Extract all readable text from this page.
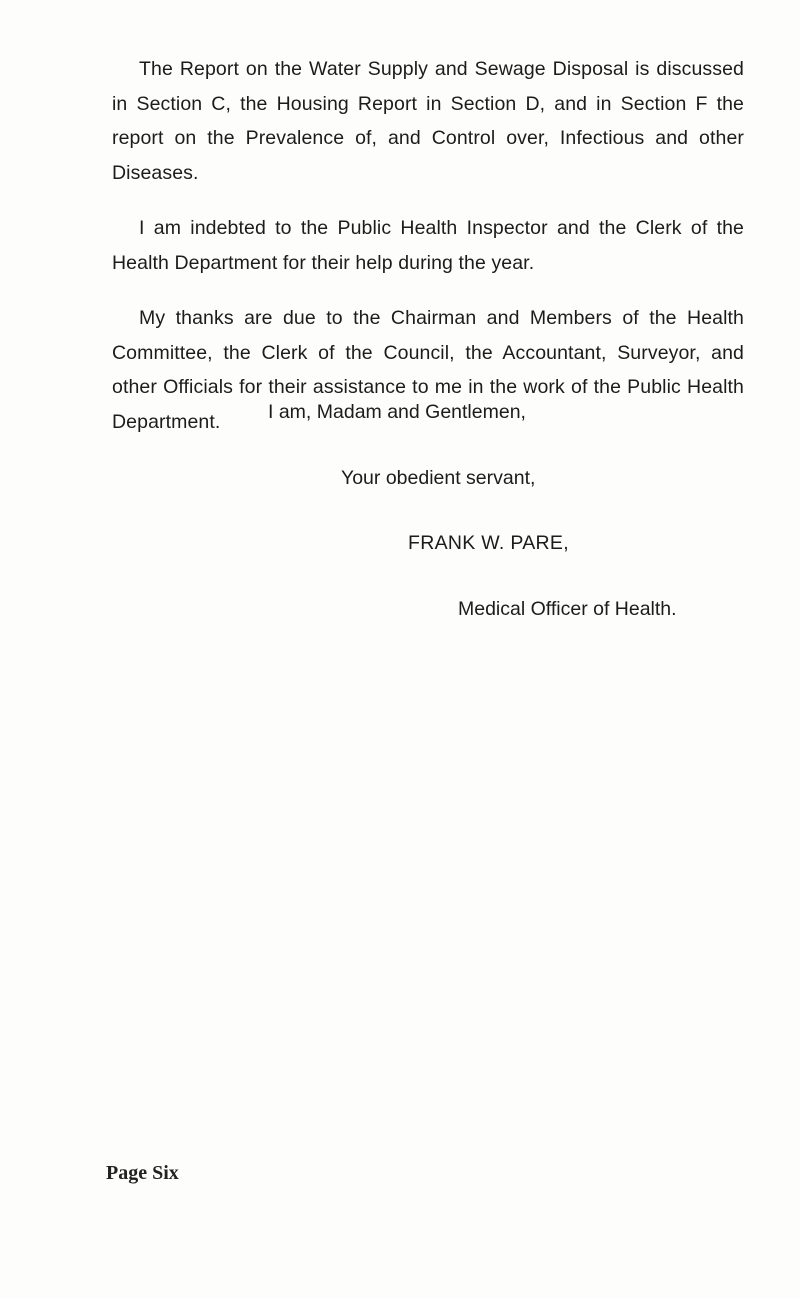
The Report on the Water Supply and Sewage Disposal is discussed in Section C, the Housing Report in Section D, and in Section F the report on the Prevalence of, and Control over, Infectious and other Diseases.

I am indebted to the Public Health Inspector and the Clerk of the Health Department for their help during the year.

My thanks are due to the Chairman and Members of the Health Committee, the Clerk of the Council, the Accountant, Surveyor, and other Officials for their assistance to me in the work of the Public Health Department.	I am, Madam and Gentlemen,
Your obedient servant,
FRANK W. PARE,
Medical Officer of Health.
Page Six
